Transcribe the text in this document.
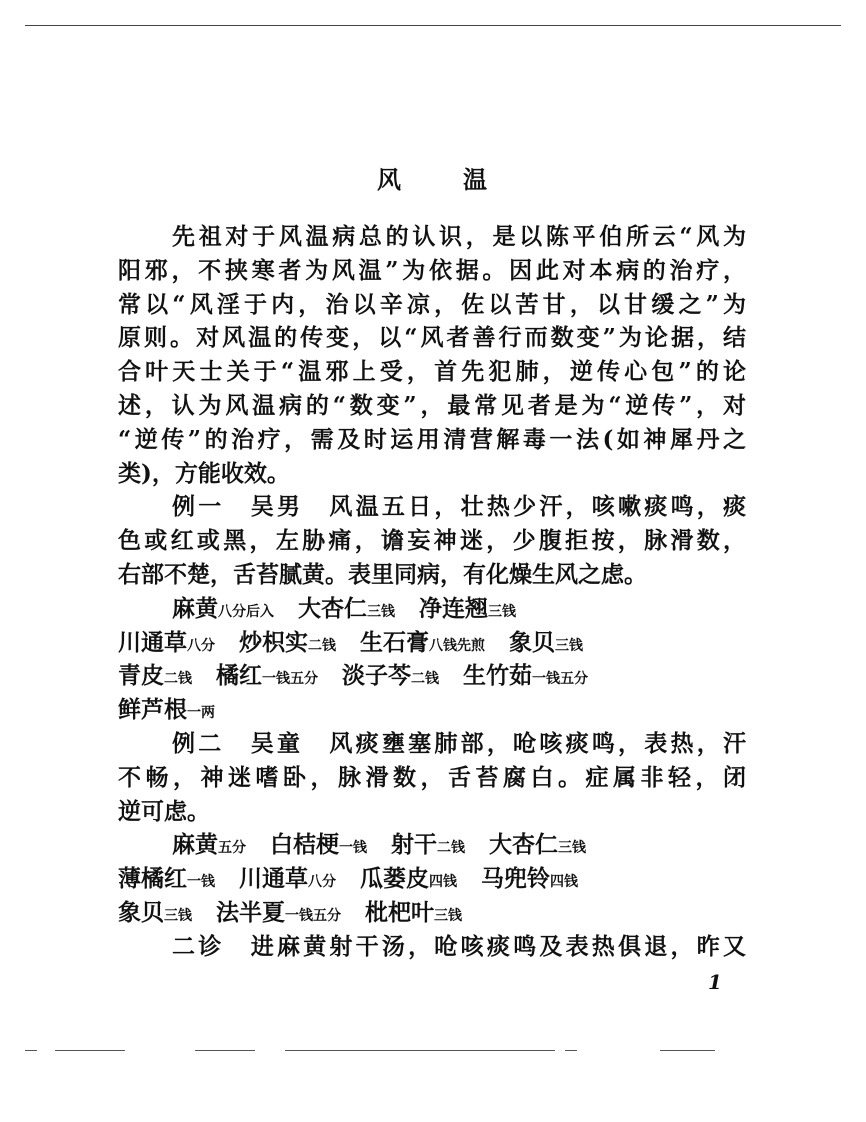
风	温
先祖对于风温病总的认识，是以陈平伯所云“风为
阳邪，不挟寒者为风温”为依据。因此对本病的治疗，
常以“风淫于内，治以辛凉，佐以苦甘，以甘缓之”为
原则。对风温的传变，以“风者善行而数变”为论据，结
合叶天士关于“温邪上受，首先犯肺，逆传心包”的论
述，认为风温病的“数变”，最常见者是为“逆传”，对
“逆传”的治疗，需及时运用清营解毒一法(如神犀丹之
类)，方能收效。
例一　吴男　风温五日，壮热少汗，咳嗽痰鸣，痰
色或红或黑，左胁痛，谵妄神迷，少腹拒按，脉滑数，
右部不楚，舌苔腻黄。表里同病，有化燥生风之虑。
麻黄八分后入 大杏仁三钱 净连翘三钱
川通草八分 炒枳实二钱 生石膏八钱先煎 象贝三钱
青皮二钱 橘红一钱五分 淡子芩二钱 生竹茹一钱五分
鲜芦根一两
例二　吴童　风痰壅塞肺部，呛咳痰鸣，表热，汗
不畅，神迷嗜卧，脉滑数，舌苔腐白。症属非轻，闭
逆可虑。
麻黄五分 白桔梗一钱 射干二钱 大杏仁三钱
薄橘红一钱 川通草八分 瓜蒌皮四钱 马兜铃四钱
象贝三钱 法半夏一钱五分 枇杷叶三钱
二诊　进麻黄射干汤，呛咳痰鸣及表热俱退，昨又
1
